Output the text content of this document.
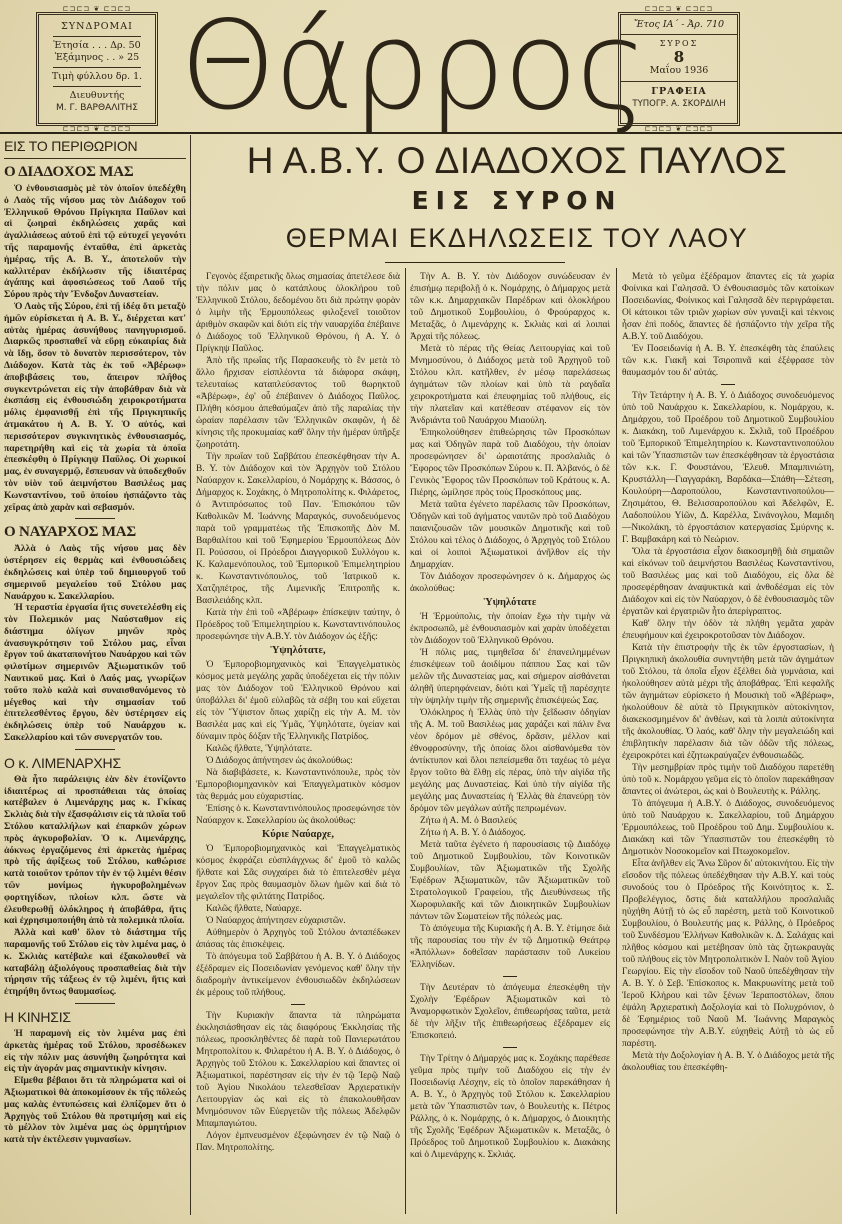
⊏⊐⊏⊐ ❦ ⊏⊐⊏⊐
ΣΥΝΔΡΟΜΑΙ
Ἐτησία . . . Δρ. 50
Ἐξάμηνος . . » 25
Τιμὴ φύλλου δρ. 1.
Διευθυντής
Μ. Γ. ΒΑΡΘΑΛΙΤΗΣ
⊏⊐⊏⊐ ❦ ⊏⊐⊏⊐ Θάρρος ⊏⊐⊏⊐ ❦ ⊏⊐⊏⊐
Ἔτος ΙΑ΄ - Ἀρ. 710
ΣΥΡΟΣ
8
Μαΐου 1936
ΓΡΑΦΕΙΑ
ΤΥΠΟΓΡ. Α. ΣΚΟΡΔΙΛΗ
⊏⊐⊏⊐ ❦ ⊏⊐⊏⊐
ΕΙΣ ΤΟ ΠΕΡΙΘΩΡΙΟΝ
Ο ΔΙΑΔΟΧΟΣ ΜΑΣ

Ὁ ἐνθουσιασμὸς μὲ τὸν ὁποῖον ὑπεδέχθη ὁ Λαὸς τῆς νήσου μας τὸν Διάδοχον τοῦ Ἑλληνικοῦ Θρόνου Πρίγκηπα Παῦλον καὶ αἱ ζωηραὶ ἐκδηλώσεις χαρᾶς καὶ ἀγαλλιάσεως αὐτοῦ ἐπὶ τῷ εὐτυχεῖ γεγονότι τῆς παραμονῆς ἐνταῦθα, ἐπὶ ἀρκετὰς ἡμέρας, τῆς Α. Β. Υ., ἀποτελοῦν τὴν καλλιτέραν ἐκδήλωσιν τῆς ἰδιαιτέρας ἀγάπης καὶ ἀφοσιώσεως τοῦ Λαοῦ τῆς Σύρου πρὸς τὴν Ἔνδοξον Δυναστείαν.

Ὁ Λαὸς τῆς Σύρου, ἐπὶ τῇ ἰδέᾳ ὅτι μεταξὺ ἡμῶν εὑρίσκεται ἡ Α. Β. Υ., διέρχεται κατ' αὐτὰς ἡμέρας ἀσυνήθους πανηγυρισμοῦ. Διαρκῶς προσπαθεῖ νὰ εὕρῃ εὐκαιρίας διὰ νὰ ἴδῃ, ὅσον τὸ δυνατὸν περισσότερον, τὸν Διάδοχον. Κατὰ τὰς ἐκ τοῦ «Ἀβέρωφ» ἀποβιβάσεις του, ἄπειρον πλῆθος συγκεντρώνεται εἰς τὴν ἀποβάθραν διὰ νὰ ἐκσπάσῃ εἰς ἐνθουσιώδη χειροκροτήματα μόλις ἐμφανισθῇ ἐπὶ τῆς Πριγκηπικῆς ἀτμακάτου ἡ Α. Β. Υ. Ὁ αὐτός, καὶ περισσότερον συγκινητικὸς ἐνθουσιασμός, παρετηρήθη καὶ εἰς τὰ χωρία τὰ ὁποῖα ἐπεσκέφθη ὁ Πρίγκηψ Παῦλος. Οἱ χωρικοί μας, ἐν συναγερμῷ, ἔσπευσαν νὰ ὑποδεχθοῦν τὸν υἱὸν τοῦ ἀειμνήστου Βασιλέως μας Κωνσταντίνου, τοῦ ὁποίου ἠσπάζοντο τὰς χεῖρας ἀπὸ χαρὰν καὶ σεβασμόν.

Ο ΝΑΥΑΡΧΟΣ ΜΑΣ

Ἀλλὰ ὁ Λαὸς τῆς νήσου μας δὲν ὑστέρησεν εἰς θερμὰς καὶ ἐνθουσιώδεις ἐκδηλώσεις καὶ ὑπὲρ τοῦ δημιουργοῦ τοῦ σημερινοῦ μεγαλείου τοῦ Στόλου μας Ναυάρχου κ. Σακελλαρίου.

Ἡ τεραστία ἐργασία ἥτις συνετελέσθη εἰς τὸν Πολεμικόν μας Ναύσταθμον εἰς διάστημα ὀλίγων μηνῶν πρὸς ἀνασυγκρότησιν τοῦ Στόλου μας, εἶναι ἔργον τοῦ ἀκαταπονήτου Ναυάρχου καὶ τῶν φιλοτίμων σημερινῶν Ἀξιωματικῶν τοῦ Ναυτικοῦ μας. Καὶ ὁ Λαός μας, γνωρίζων τοῦτο πολὺ καλὰ καὶ συναισθανόμενος τὸ μέγεθος καὶ τὴν σημασίαν τοῦ ἐπιτελεσθέντος ἔργου, δὲν ὑστέρησεν εἰς ἐκδηλώσεις ὑπὲρ τοῦ Ναυάρχου κ. Σακελλαρίου καὶ τῶν συνεργατῶν του.

Ο κ. ΛΙΜΕΝΑΡΧΗΣ

Θὰ ἦτο παράλειψις ἐὰν δὲν ἐτονίζοντο ἰδιαιτέρως αἱ προσπάθειαι τὰς ὁποίας κατέβαλεν ὁ Λιμενάρχης μας κ. Γκίκας Σκλιὰς διὰ τὴν ἐξασφάλισιν εἰς τὰ πλοῖα τοῦ Στόλου καταλλήλων καὶ ἐπαρκῶν χώρων πρὸς ἀγκυροβολίαν. Ὁ κ. Λιμενάρχης, ἀόκνως ἐργαζόμενος ἐπὶ ἀρκετὰς ἡμέρας πρὸ τῆς ἀφίξεως τοῦ Στόλου, καθώρισε κατὰ τοιοῦτον τρόπον τὴν ἐν τῷ λιμένι θέσιν τῶν μονίμως ἠγκυροβολημένων φορτηγίδων, πλοίων κλπ. ὥστε νὰ ἐλευθερωθῇ ὁλόκληρος ἡ ἀποβάθρα, ἥτις καὶ ἐχρησιμοποιήθη ἀπὸ τὰ πολεμικὰ πλοῖα.

Ἀλλὰ καὶ καθ' ὅλον τὸ διάστημα τῆς παραμονῆς τοῦ Στόλου εἰς τὸν λιμένα μας, ὁ κ. Σκλιὰς κατέβαλε καὶ ἐξακολουθεῖ νὰ καταβάλῃ ἀξιολόγους προσπαθείας διὰ τὴν τήρησιν τῆς τάξεως ἐν τῷ λιμένι, ἥτις καὶ ἐτηρήθη ὄντως θαυμασίως.

Η ΚΙΝΗΣΙΣ

Ἡ παραμονὴ εἰς τὸν λιμένα μας ἐπὶ ἀρκετὰς ἡμέρας τοῦ Στόλου, προσέδωκεν εἰς τὴν πόλιν μας ἀσυνήθη ζωηρότητα καὶ εἰς τὴν ἀγοράν μας σημαντικὴν κίνησιν.

Εἴμεθα βέβαιοι ὅτι τὰ πληρώματα καὶ οἱ Ἀξιωματικοὶ θὰ ἀποκομίσουν ἐκ τῆς πόλεώς μας καλὰς ἐντυπώσεις καὶ ἐλπίζομεν ὅτι ὁ Ἀρχηγὸς τοῦ Στόλου θὰ προτιμήσῃ καὶ εἰς τὸ μέλλον τὸν λιμένα μας ὡς ὁρμητήριον κατὰ τὴν ἐκτέλεσιν γυμνασίων.

Η Α.Β.Υ. Ο ΔΙΑΔΟΧΟΣ ΠΑΥΛΟΣ
ΕΙΣ ΣΥΡΟΝ
ΘΕΡΜΑΙ ΕΚΔΗΛΩΣΕΙΣ ΤΟΥ ΛΑΟΥ

Γεγονὸς ἐξαιρετικῆς ὅλως σημασίας ἀπετέλεσε διὰ τὴν πόλιν μας ὁ κατάπλους ὁλοκλήρου τοῦ Ἑλληνικοῦ Στόλου, δεδομένου ὅτι διὰ πρώτην φορὰν ὁ λιμὴν τῆς Ἑρμουπόλεως φιλοξενεῖ τοιοῦτον ἀριθμὸν σκαφῶν καὶ διότι εἰς τὴν ναυαρχίδα ἐπέβαινε ὁ Διάδοχος τοῦ Ἑλληνικοῦ Θρόνου, ἡ Α. Υ. ὁ Πρίγκηψ Παῦλος.

Ἀπὸ τῆς πρωΐας τῆς Παρασκευῆς τὸ ἓν μετὰ τὸ ἄλλο ἤρχισαν εἰσπλέοντα τὰ διάφορα σκάφη, τελευταίως καταπλεύσαντος τοῦ θωρηκτοῦ «Ἀβέρωφ», ἐφ' οὗ ἐπέβαινεν ὁ Διάδοχος Παῦλος. Πλήθη κόσμου ἀπεθαύμαζεν ἀπὸ τῆς παραλίας τὴν ὡραίαν παρέλασιν τῶν Ἑλληνικῶν σκαφῶν, ἡ δὲ κίνησις τῆς προκυμαίας καθ' ὅλην τὴν ἡμέραν ὑπῆρξε ζωηροτάτη.

Τὴν πρωΐαν τοῦ Σαββάτου ἐπεσκέφθησαν τὴν Α. Β. Υ. τὸν Διάδοχον καὶ τὸν Ἀρχηγὸν τοῦ Στόλου Ναύαρχον κ. Σακελλαρίου, ὁ Νομάρχης κ. Βάσσος, ὁ Δήμαρχος κ. Σοχάκης, ὁ Μητροπολίτης κ. Φιλάρετος, ὁ Ἀντιπρόσωπος τοῦ Παν. Ἐπισκόπου τῶν Καθολικῶν Μ. Ἰωάννης Μαραγκός, συνοδευόμενος παρὰ τοῦ γραμματέως τῆς Ἐπισκοπῆς Δὸν Μ. Βαρθαλίτου καὶ τοῦ Ἐφημερίου Ἑρμουπόλεως Δὸν Π. Ρούσσου, οἱ Πρόεδροι Διαγγορικοῦ Συλλόγου κ. Κ. Καλαμενόπουλος, τοῦ Ἐμπορικοῦ Ἐπιμελητηρίου κ. Κωνσταντινόπουλος, τοῦ Ἰατρικοῦ κ. Χατζηπέτρος, τῆς Λιμενικῆς Ἐπιτροπῆς κ. Βασιλειάδης κλπ.

Κατὰ τὴν ἐπὶ τοῦ «Ἀβέρωφ» ἐπίσκεψιν ταύτην, ὁ Πρόεδρος τοῦ Ἐπιμελητηρίου κ. Κωνσταντινόπουλος προσεφώνησε τὴν Α.Β.Υ. τὸν Διάδοχον ὡς ἑξῆς:

Ὑψηλότατε,

Ὁ Ἐμποροβιομηχανικὸς καὶ Ἐπαγγελματικὸς κόσμος μετὰ μεγάλης χαρᾶς ὑποδέχεται εἰς τὴν πόλιν μας τὸν Διάδοχον τοῦ Ἑλληνικοῦ Θρόνου καὶ ὑποβάλλει δι' ἐμοῦ εὐλαβῶς τὰ σέβη του καὶ εὔχεται εἰς τὸν Ὕψιστον ὅπως χαρίζῃ εἰς τὴν Α. Μ. τὸν Βασιλέα μας καὶ εἰς Ὑμᾶς, Ὑψηλότατε, ὑγείαν καὶ δύναμιν πρὸς δόξαν τῆς Ἑλληνικῆς Πατρίδος.

Καλῶς ἤλθατε, Ὑψηλότατε.

Ὁ Διάδοχος ἀπήντησεν ὡς ἀκολούθως:

Νὰ διαβιβάσετε, κ. Κωνσταντινόπουλε, πρὸς τὸν Ἐμποροβιομηχανικὸν καὶ Ἐπαγγελματικὸν κόσμον τὰς θερμάς μου εὐχαριστίας.

Ἐπίσης ὁ κ. Κωνσταντινόπουλος προσεφώνησε τὸν Ναύαρχον κ. Σακελλαρίου ὡς ἀκολούθως:

Κύριε Ναύαρχε,

Ὁ Ἐμποροβιομηχανικὸς καὶ Ἐπαγγελματικὸς κόσμος ἐκφράζει εὐσπλάγχνως δι' ἐμοῦ τὸ καλῶς ἤλθατε καὶ Σᾶς συγχαίρει διὰ τὸ ἐπιτελεσθὲν μέγα ἔργον Σας πρὸς θαυμασμὸν ὅλων ἡμῶν καὶ διὰ τὸ μεγαλεῖον τῆς φιλτάτης Πατρίδος.

Καλῶς ἤλθατε, Ναύαρχε.

Ὁ Ναύαρχος ἀπήντησεν εὐχαριστῶν.

Αὐθημερὸν ὁ Ἀρχηγὸς τοῦ Στόλου ἀνταπέδωκεν ἁπάσας τὰς ἐπισκέψεις.

Τὸ ἀπόγευμα τοῦ Σαββάτου ἡ Α. Β. Υ. ὁ Διάδοχος ἐξέδραμεν εἰς Ποσειδωνίαν γενόμενος καθ' ὅλην τὴν διαδρομὴν ἀντικείμενον ἐνθουσιωδῶν ἐκδηλώσεων ἐκ μέρους τοῦ πλήθους.

Τὴν Κυριακὴν ἅπαντα τὰ πληρώματα ἐκκλησιάσθησαν εἰς τὰς διαφόρους Ἐκκλησίας τῆς πόλεως, προσκληθέντες δὲ παρὰ τοῦ Πανιερωτάτου Μητροπολίτου κ. Φιλαρέτου ἡ Α. Β. Υ. ὁ Διάδοχος, ὁ Ἀρχηγὸς τοῦ Στόλου κ. Σακελλαρίου καὶ ἅπαντες οἱ Ἀξιωματικοί, παρέστησαν εἰς τὴν ἐν τῷ Ἱερῷ Ναῷ τοῦ Ἁγίου Νικολάου τελεσθεῖσαν Ἀρχιερατικὴν Λειτουργίαν ὡς καὶ εἰς τὸ ἐπακολουθῆσαν Μνημόσυνον τῶν Εὐεργετῶν τῆς πόλεως Ἀδελφῶν Μπαμπαγιώτου.

Λόγον ἐμπνευσμένον ἐξεφώνησεν ἐν τῷ Ναῷ ὁ Παν. Μητροπολίτης.

Τὴν Α. Β. Υ. τὸν Διάδοχον συνώδευσαν ἐν ἐπισήμῳ περιβολῇ ὁ κ. Νομάρχης, ὁ Δήμαρχος μετὰ τῶν κ.κ. Δημαρχιακῶν Παρέδρων καὶ ὁλοκλήρου τοῦ Δημοτικοῦ Συμβουλίου, ὁ Φρούραρχος κ. Μεταξᾶς, ὁ Λιμενάρχης κ. Σκλιὰς καὶ αἱ λοιπαὶ Ἀρχαὶ τῆς πόλεως.

Μετὰ τὸ πέρας τῆς Θείας Λειτουργίας καὶ τοῦ Μνημοσύνου, ὁ Διάδοχος μετὰ τοῦ Ἀρχηγοῦ τοῦ Στόλου κλπ. κατῆλθεν, ἐν μέσῳ παρελάσεως ἀγημάτων τῶν πλοίων καὶ ὑπὸ τὰ ραγδαῖα χειροκροτήματα καὶ ἐπευφημίας τοῦ πλήθους, εἰς τὴν πλατεῖαν καὶ κατέθεσαν στέφανον εἰς τὸν Ἀνδριάντα τοῦ Ναυάρχου Μιαούλη.

Ἐπηκολούθησεν ἐπιθεώρησις τῶν Προσκόπων μας καὶ Ὁδηγῶν παρὰ τοῦ Διαδόχου, τὴν ὁποίαν προσεφώνησεν δι' ὡραιοτάτης προσλαλιᾶς ὁ Ἔφορος τῶν Προσκόπων Σύρου κ. Π. Ἀλβανός, ὁ δὲ Γενικὸς Ἔφορος τῶν Προσκόπων τοῦ Κράτους κ. Α. Πιέρης, ὡμίλησε πρὸς τοὺς Προσκόπους μας.

Μετὰ ταῦτα ἐγένετο παρέλασις τῶν Προσκόπων, Ὁδηγῶν καὶ τοῦ ἀγήματος ναυτῶν πρὸ τοῦ Διαδόχου παιανιζουσῶν τῶν μουσικῶν Δημοτικῆς καὶ τοῦ Στόλου καὶ τέλος ὁ Διάδοχος, ὁ Ἀρχηγὸς τοῦ Στόλου καὶ οἱ λοιποὶ Ἀξιωματικοὶ ἀνῆλθον εἰς τὴν Δημαρχίαν.

Τὸν Διάδοχον προσεφώνησεν ὁ κ. Δήμαρχος ὡς ἀκολούθως:

Ὑψηλότατε

Ἡ Ἑρμούπολις, τὴν ὁποίαν ἔχω τὴν τιμὴν νὰ ἐκπροσωπῶ, μὲ ἐνθουσιασμὸν καὶ χαρὰν ὑποδέχεται τὸν Διάδοχον τοῦ Ἑλληνικοῦ Θρόνου.

Ἡ πόλις μας, τιμηθεῖσα δι' ἐπανειλημμένων ἐπισκέψεων τοῦ ἀοιδίμου πάππου Σας καὶ τῶν μελῶν τῆς Δυναστείας μας, καὶ σήμερον αἰσθάνεται ἀληθῆ ὑπερηφάνειαν, διότι καὶ Ὑμεῖς τῇ παρέσχητε τὴν ὑψηλὴν τιμὴν τῆς σημερινῆς ἐπισκέψεώς Σας.

Ὁλόκληρος ἡ Ἑλλὰς ὑπὸ τὴν ξεῖδωσιν ὁδηγίαν τῆς Α. Μ. τοῦ Βασιλέως μας χαράζει καὶ πάλιν ἕνα νέον δρόμον μὲ σθένος, δρᾶσιν, μέλλον καὶ ἐθνοφροσύνην, τῆς ὁποίας ὅλοι αἰσθανόμεθα τὸν ἀντίκτυπον καὶ ὅλοι πεπείσμεθα ὅτι ταχέως τὸ μέγα ἔργον τοῦτο θὰ ἔλθῃ εἰς πέρας, ὑπὸ τὴν αἰγίδα τῆς μεγάλης μας Δυναστείας. Καὶ ὑπὸ τὴν αἰγίδα τῆς μεγάλης μας Δυναστείας ἡ Ἑλλὰς θὰ ἐπανεύρῃ τὸν δρόμον τῶν μεγάλων αὐτῆς πεπρωμένων.

Ζήτω ἡ Α. Μ. ὁ Βασιλεύς

Ζήτω ἡ Α. Β. Υ. ὁ Διάδοχος.

Μετὰ ταῦτα ἐγένετο ἡ παρουσίασις τῷ Διαδόχῳ τοῦ Δημοτικοῦ Συμβουλίου, τῶν Κοινοτικῶν Συμβουλίων, τῶν Ἀξιωματικῶν τῆς Σχολῆς Ἐφέδρων Ἀξιωματικῶν, τῶν Ἀξιωματικῶν τοῦ Στρατολογικοῦ Γραφείου, τῆς Διευθύνσεως τῆς Χωροφυλακῆς καὶ τῶν Διοικητικῶν Συμβουλίων πάντων τῶν Σωματείων τῆς πόλεώς μας.

Τὸ ἀπόγευμα τῆς Κυριακῆς ἡ Α. Β. Υ. ἐτίμησε διὰ τῆς παρουσίας του τὴν ἐν τῷ Δημοτικῷ Θεάτρῳ «Ἀπόλλων» δοθεῖσαν παράστασιν τοῦ Λυκείου Ἑλληνίδων.

Τὴν Δευτέραν τὸ ἀπόγευμα ἐπεσκέφθη τὴν Σχολὴν Ἐφέδρων Ἀξιωματικῶν καὶ τὸ Ἀναμορφωτικὸν Σχολεῖον, ἐπιθεωρήσας ταῦτα, μετὰ δὲ τὴν λῆξιν τῆς ἐπιθεωρήσεως ἐξέδραμεν εἰς Ἐπισκοπειό.

Τὴν Τρίτην ὁ Δήμαρχός μας κ. Σοχάκης παρέθεσε γεῦμα πρὸς τιμὴν τοῦ Διαδόχου εἰς τὴν ἐν Ποσειδωνίᾳ Λέσχην, εἰς τὸ ὁποῖον παρεκάθησαν ἡ Α. Β. Υ., ὁ Ἀρχηγὸς τοῦ Στόλου κ. Σακελλαρίου μετὰ τῶν Ὑπασπιστῶν των, ὁ Βουλευτὴς κ. Πέτρος Ράλλης, ὁ κ. Νομάρχης, ὁ κ. Δήμαρχος, ὁ Διοικητὴς τῆς Σχολῆς Ἐφέδρων Ἀξιωματικῶν κ. Μεταξᾶς, ὁ Πρόεδρος τοῦ Δημοτικοῦ Συμβουλίου κ. Διακάκης καὶ ὁ Λιμενάρχης κ. Σκλιάς.

Μετὰ τὸ γεῦμα ἐξέδραμον ἅπαντες εἰς τὰ χωρία Φοίνικα καὶ Γαλησσᾶ. Ὁ ἐνθουσιασμὸς τῶν κατοίκων Ποσειδωνίας, Φοίνικος καὶ Γαλησσᾶ δὲν περιγράφεται. Οἱ κάτοικοι τῶν τριῶν χωρίων σὺν γυναιξὶ καὶ τέκνοις ἦσαν ἐπὶ ποδός, ἅπαντες δὲ ἠσπάζοντο τὴν χεῖρα τῆς Α.Β.Υ. τοῦ Διαδόχου.

Ἐν Ποσειδωνίᾳ ἡ Α. Β. Υ. ἐπεσκέφθη τὰς ἐπαύλεις τῶν κ.κ. Γιακῆ καὶ Τσιροπινᾶ καὶ ἐξέφρασε τὸν θαυμασμόν του δι' αὐτάς.

Τὴν Τετάρτην ἡ Α. Β. Υ. ὁ Διάδοχος συνοδευόμενος ὑπὸ τοῦ Ναυάρχου κ. Σακελλαρίου, κ. Νομάρχου, κ. Δημάρχου, τοῦ Προέδρου τοῦ Δημοτικοῦ Συμβουλίου κ. Διακάκη, τοῦ Λιμενάρχου κ. Σκλιᾶ, τοῦ Προέδρου τοῦ Ἐμπορικοῦ Ἐπιμελητηρίου κ. Κωνσταντινοπούλου καὶ τῶν Ὑπασπιστῶν των ἐπεσκέφθησαν τὰ ἐργοστάσια τῶν κ.κ. Γ. Φουστάνου, Ἐλευθ. Μπαμπινιώτη, Κρυστάλλη—Γιαγγαράκη, Βαρδάκα—Σπάθη—Σέτεση, Κουλούρη—Δαροπούλου, Κωνσταντινοπούλου—Ζησιμάτου, Θ. Βελισσαροπούλου καὶ Ἀδελφῶν, Ε. Λαδοπούλου Υἱῶν, Δ. Καρέλλα, Σινάνογλου, Μαμιδη—Νικολάκη, τὸ ἐργοστάσιον κατεργασίας Σμύρνης κ. Γ. Βαμβακάρη καὶ τὸ Νεώριον.

Ὅλα τὰ ἐργοστάσια εἶχον διακοσμηθῇ διὰ σημαιῶν καὶ εἰκόνων τοῦ ἀειμνήστου Βασιλέως Κωνσταντίνου, τοῦ Βασιλέως μας καὶ τοῦ Διαδόχου, εἰς ὅλα δὲ προσεφέρθησαν ἀναψυκτικὰ καὶ ἀνθοδέσμαι εἰς τὸν Διάδοχον καὶ εἰς τὸν Ναύαρχον, ὁ δὲ ἐνθουσιασμὸς τῶν ἐργατῶν καὶ ἐργατριῶν ἦτο ἀπερίγραπτος.

Καθ' ὅλην τὴν ὁδὸν τὰ πλήθη γεμᾶτα χαρὰν ἐπευφήμουν καὶ ἐχειροκροτοῦσαν τὸν Διάδοχον.

Κατὰ τὴν ἐπιστροφὴν τῆς ἐκ τῶν ἐργοστασίων, ἡ Πριγκηπικὴ ἀκολουθία συνηντήθη μετὰ τῶν ἀγημάτων τοῦ Στόλου, τὰ ὁποῖα εἶχον ἐξέλθει διὰ γυμνάσια, καὶ ἠκολούθησεν αὐτὰ μέχρι τῆς ἀποβάθρας. Ἐπὶ κεφαλῆς τῶν ἀγημάτων εὑρίσκετο ἡ Μουσικὴ τοῦ «Ἀβέρωφ», ἠκολούθουν δὲ αὐτὰ τὸ Πριγκηπικὸν αὐτοκίνητον, διακεκοσμημένον δι' ἀνθέων, καὶ τὰ λοιπὰ αὐτοκίνητα τῆς ἀκολουθίας. Ὁ λαός, καθ' ὅλην τὴν μεγαλειώδη καὶ ἐπιβλητικὴν παρέλασιν διὰ τῶν ὁδῶν τῆς πόλεως, ἐχειροκρότει καὶ ἐζητωκραύγαζεν ἐνθουσιωδῶς.

Τὴν μεσημβρίαν πρὸς τιμὴν τοῦ Διαδόχου παρετέθη ὑπὸ τοῦ κ. Νομάρχου γεῦμα εἰς τὸ ὁποῖον παρεκάθησαν ἅπαντες οἱ ἀνώτεροι, ὡς καὶ ὁ Βουλευτὴς κ. Ράλλης.

Τὸ ἀπόγευμα ἡ Α.Β.Υ. ὁ Διάδοχος, συνοδευόμενος ὑπὸ τοῦ Ναυάρχου κ. Σακελλαρίου, τοῦ Δημάρχου Ἑρμουπόλεως, τοῦ Προέδρου τοῦ Δημ. Συμβουλίου κ. Διακάκη καὶ τῶν Ὑπασπιστῶν του ἐπεσκέφθη τὸ Δημοτικὸν Νοσοκομεῖον καὶ Πτωχοκομεῖον.

Εἶτα ἀνῆλθεν εἰς Ἄνω Σῦρον δι' αὐτοκινήτου. Εἰς τὴν εἴσοδον τῆς πόλεως ὑπεδέχθησαν τὴν Α.Β.Υ. καὶ τοὺς συνοδούς του ὁ Πρόεδρος τῆς Κοινότητος κ. Σ. Προβελέγγιος, ὅστις διὰ καταλλήλου προσλαλιᾶς ηὐχήθη Αὐτῇ τὸ ὡς εὖ παρέστη, μετὰ τοῦ Κοινοτικοῦ Συμβουλίου, ὁ Βουλευτής μας κ. Ράλλης, ὁ Πρόεδρος τοῦ Συνδέσμου Ἑλλήνων Καθολικῶν κ. Δ. Σαλάχας καὶ πλῆθος κόσμου καὶ μετέβησαν ὑπὸ τὰς ζητωκραυγὰς τοῦ πλήθους εἰς τὸν Μητροπολιτικὸν Ι. Ναὸν τοῦ Ἁγίου Γεωργίου. Εἰς τὴν εἴσοδον τοῦ Ναοῦ ὑπεδέχθησαν τὴν Α. Β. Υ. ὁ Σεβ. Ἐπίσκοπος κ. Μακρυωνίτης μετὰ τοῦ Ἱεροῦ Κλήρου καὶ τῶν ξένων Ἱεραποστόλων, ὅπου ἐψάλη Ἀρχιερατικὴ Δοξολογία καὶ τὸ Πολυχρόνιον, ὁ δὲ Ἐφημέριος τοῦ Ναοῦ Μ. Ἰωάννης Μαραγκὸς προσεφώνησε τὴν Α.Β.Υ. εὐχηθεὶς Αὐτῇ τὸ ὡς εὖ παρέστη.

Μετὰ τὴν Δοξολογίαν ἡ Α. Β. Υ. ὁ Διάδοχος μετὰ τῆς ἀκολουθίας του ἐπεσκέφθη-
